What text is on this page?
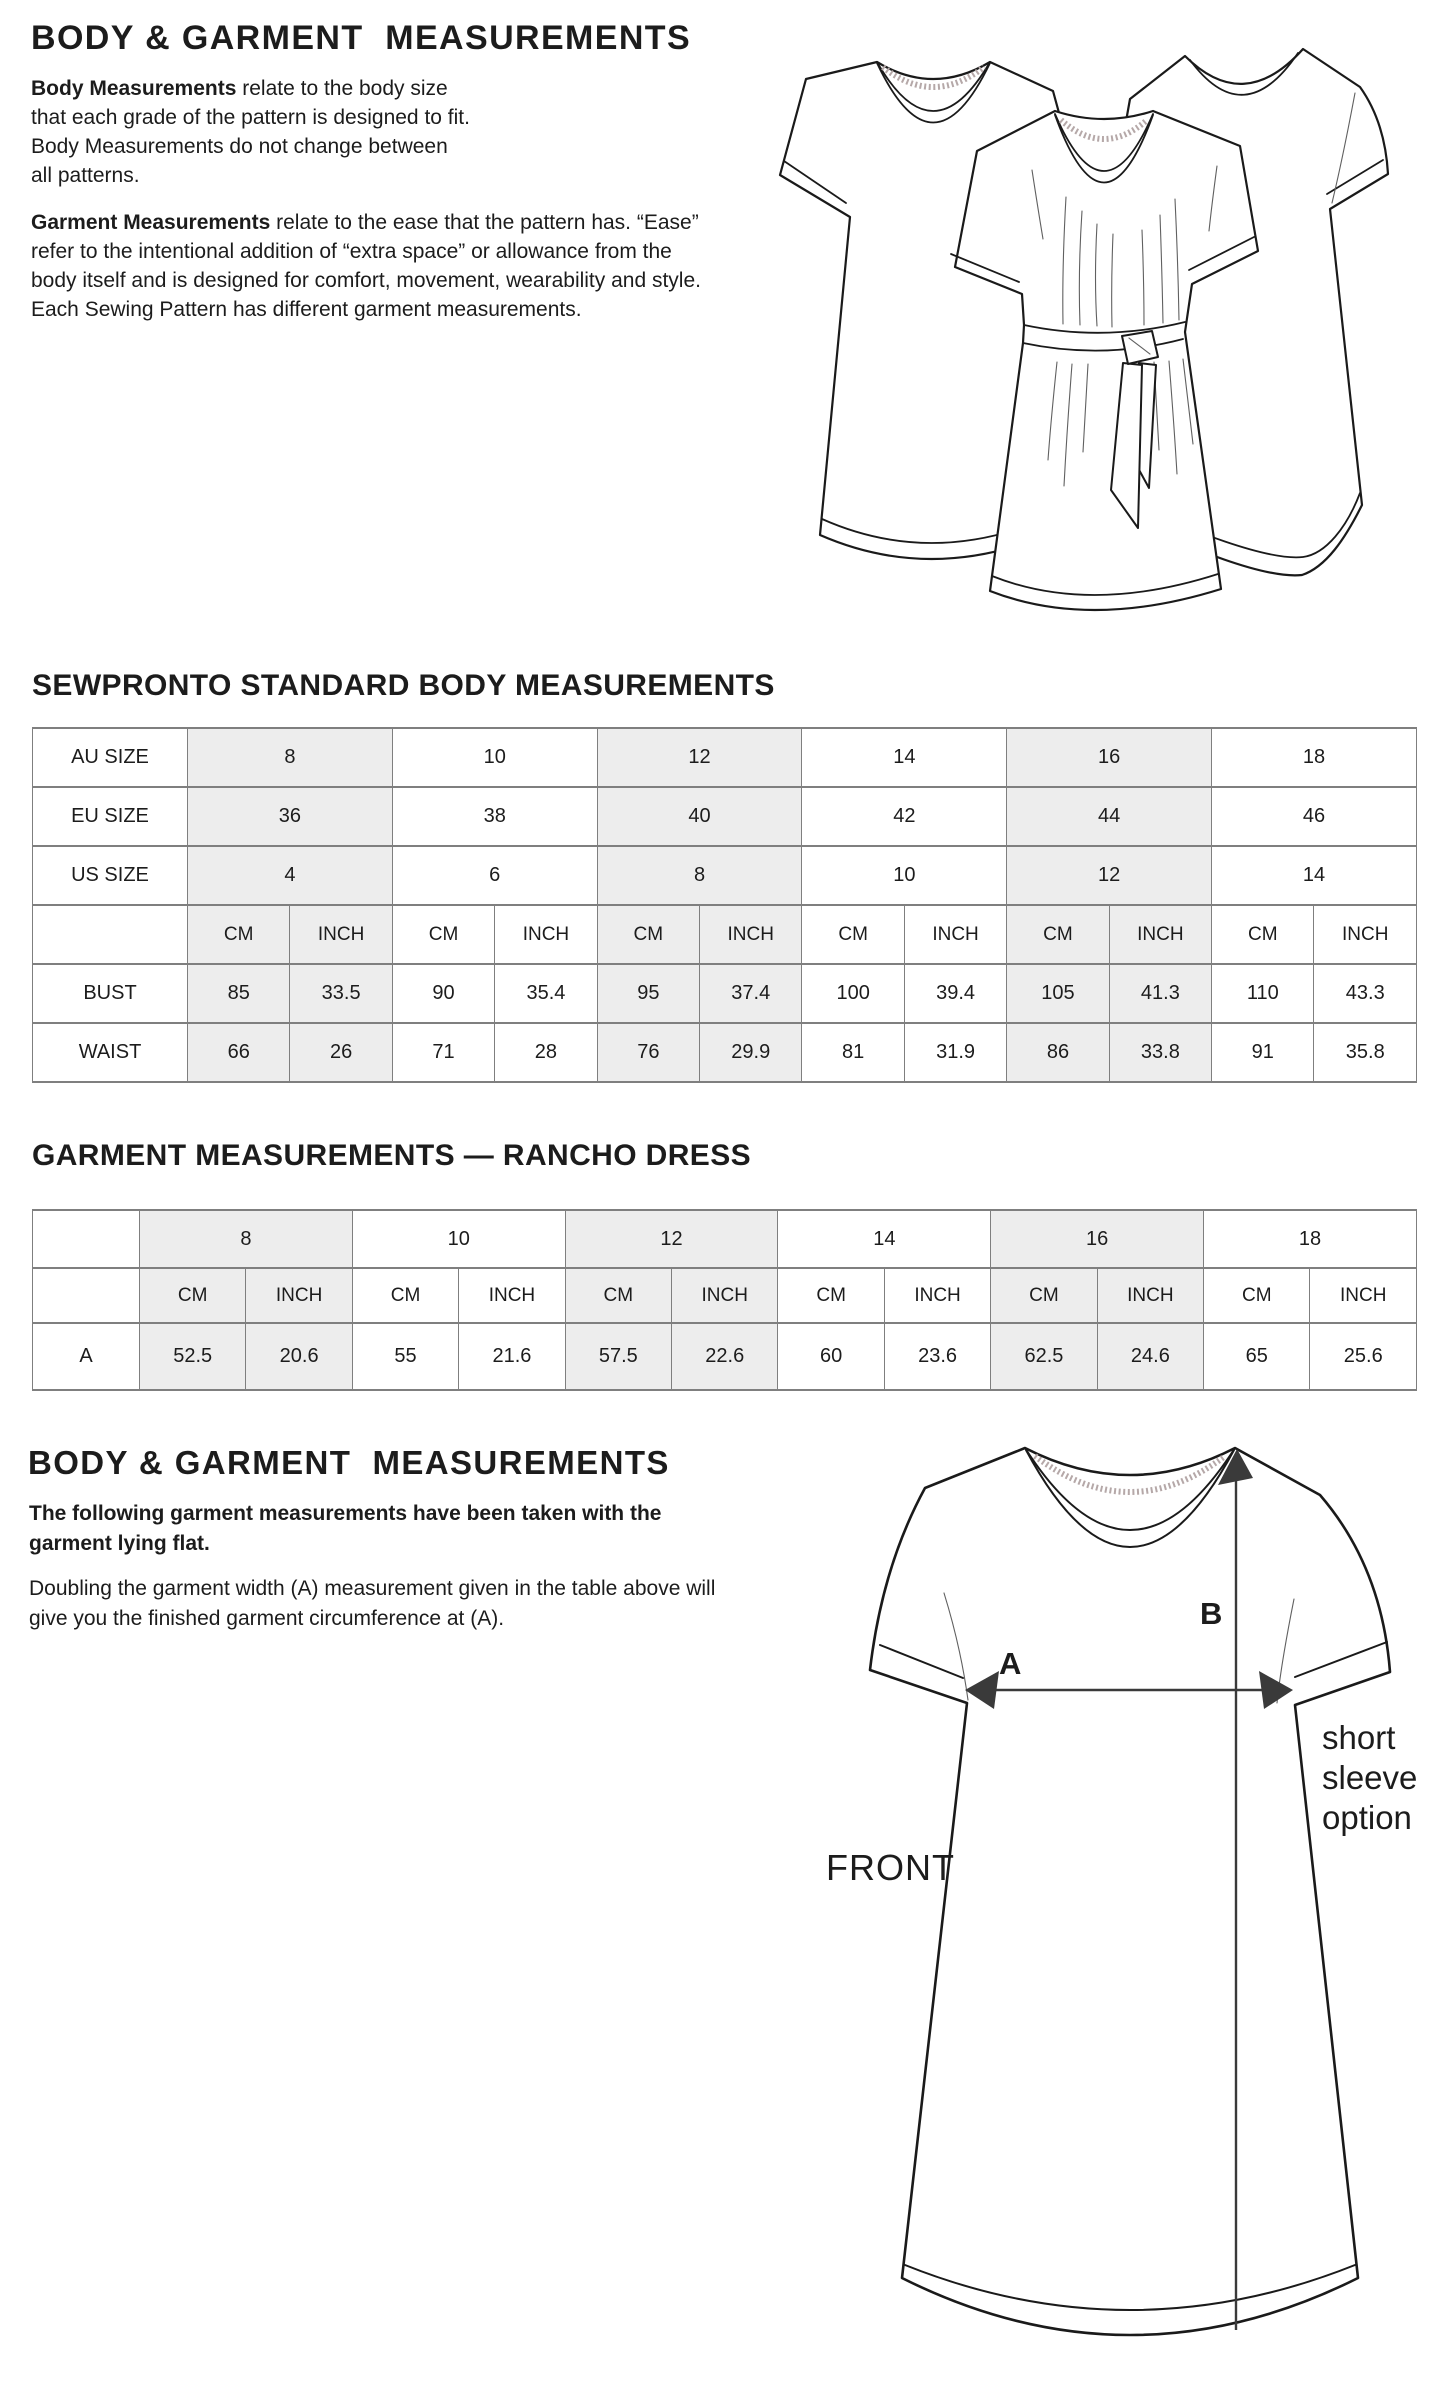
BODY & GARMENT  MEASUREMENTS
Body Measurements relate to the body size
that each grade of the pattern is designed to fit.
Body Measurements do not change between
all patterns.
Garment Measurements relate to the ease that the pattern has. “Ease”
refer to the intentional addition of “extra space” or allowance from the
body itself and is designed for comfort, movement, wearability and style.
Each Sewing Pattern has different garment measurements.
SEWPRONTO STANDARD BODY MEASUREMENTS
AU SIZE	8		10		12		14		16		18	
EU SIZE	36		38		40		42		44		46	
US SIZE	4		6		8		10		12		14	
	CM	INCH	CM	INCH	CM	INCH	CM	INCH	CM	INCH	CM	INCH
BUST	85	33.5	90	35.4	95	37.4	100	39.4	105	41.3	110	43.3
WAIST	66	26	71	28	76	29.9	81	31.9	86	33.8	91	35.8
GARMENT MEASUREMENTS — RANCHO DRESS
	8		10		12		14		16		18	
	CM	INCH	CM	INCH	CM	INCH	CM	INCH	CM	INCH	CM	INCH
A	52.5	20.6	55	21.6	57.5	22.6	60	23.6	62.5	24.6	65	25.6
BODY & GARMENT  MEASUREMENTS
The following garment measurements have been taken with the
garment lying flat.
Doubling the garment width (A) measurement given in the table above will
give you the finished garment circumference at (A).
A
B
FRONT
short
sleeve
option
